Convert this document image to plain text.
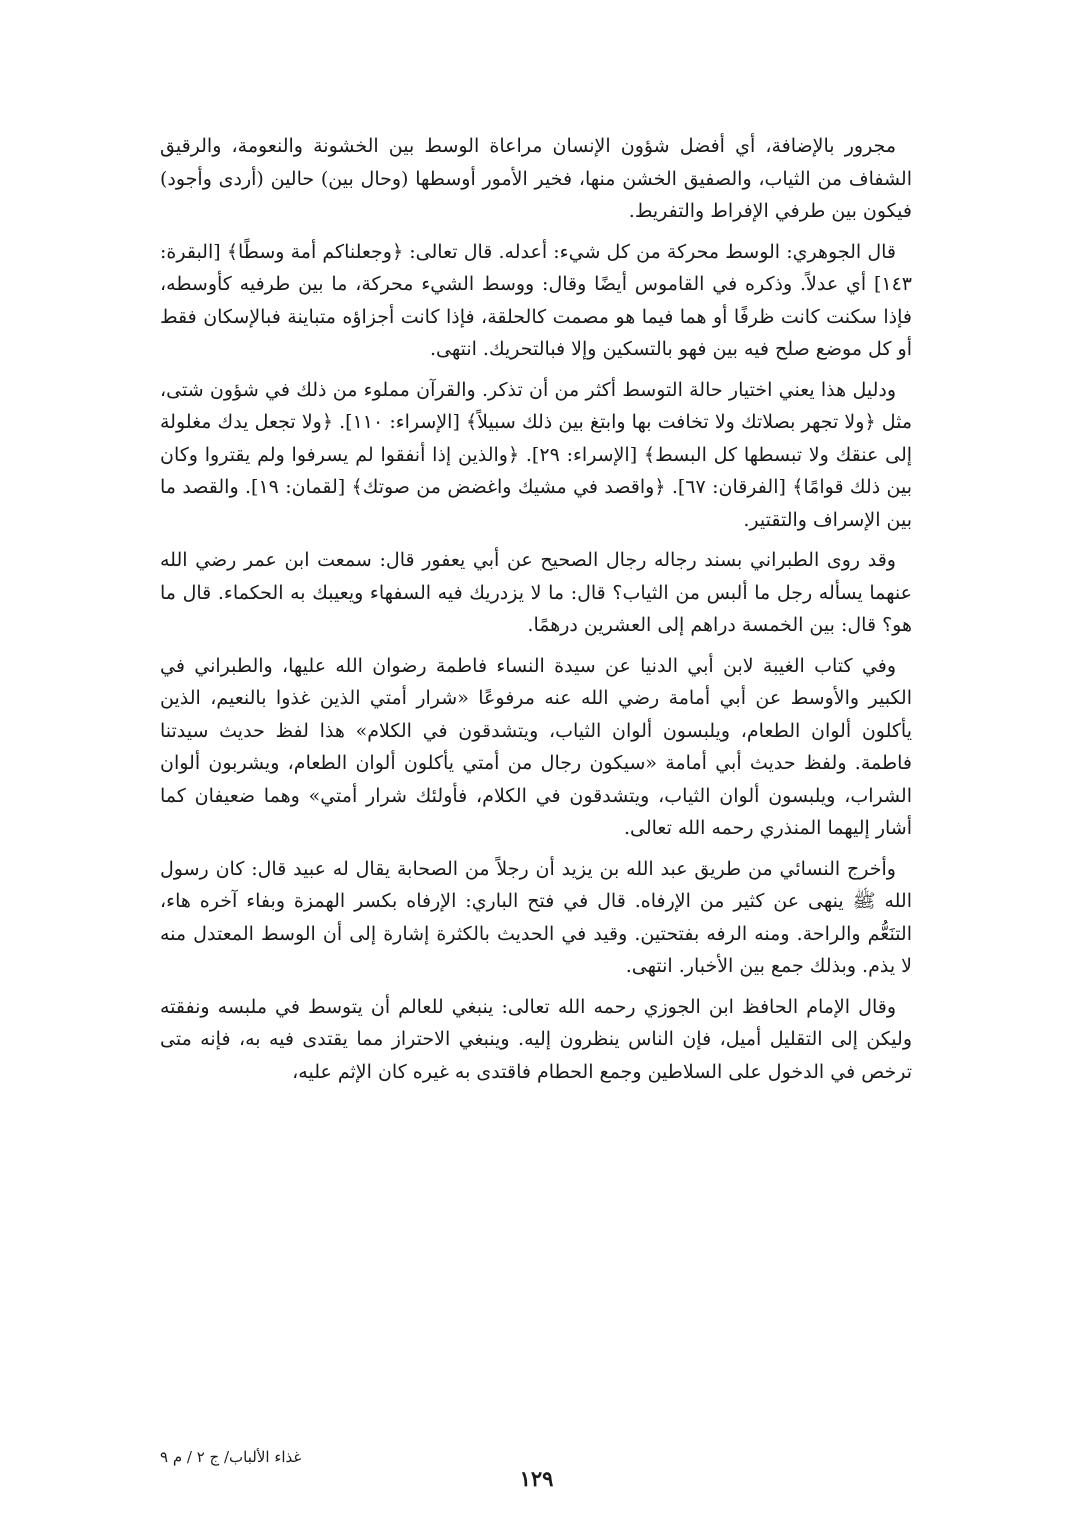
مجرور بالإضافة، أي أفضل شؤون الإنسان مراعاة الوسط بين الخشونة والنعومة، والرقيق الشفاف من الثياب، والصفيق الخشن منها، فخير الأمور أوسطها (وحال بين) حالين (أردى وأجود) فيكون بين طرفي الإفراط والتفريط.

قال الجوهري: الوسط محركة من كل شيء: أعدله. قال تعالى: ﴿وجعلناكم أمة وسطًا﴾ [البقرة: ١٤٣] أي عدلاً. وذكره في القاموس أيضًا وقال: ووسط الشيء محركة، ما بين طرفيه كأوسطه، فإذا سكنت كانت ظرفًا أو هما فيما هو مصمت كالحلقة، فإذا كانت أجزاؤه متباينة فبالإسكان فقط أو كل موضع صلح فيه بين فهو بالتسكين وإلا فبالتحريك. انتهى.

ودليل هذا يعني اختيار حالة التوسط أكثر من أن تذكر. والقرآن مملوء من ذلك في شؤون شتى، مثل ﴿ولا تجهر بصلاتك ولا تخافت بها وابتغ بين ذلك سبيلاً﴾ [الإسراء: ١١٠]. ﴿ولا تجعل يدك مغلولة إلى عنقك ولا تبسطها كل البسط﴾ [الإسراء: ٢٩]. ﴿والذين إذا أنفقوا لم يسرفوا ولم يقتروا وكان بين ذلك قوامًا﴾ [الفرقان: ٦٧]. ﴿واقصد في مشيك واغضض من صوتك﴾ [لقمان: ١٩]. والقصد ما بين الإسراف والتقتير.

وقد روى الطبراني بسند رجاله رجال الصحيح عن أبي يعفور قال: سمعت ابن عمر رضي الله عنهما يسأله رجل ما ألبس من الثياب؟ قال: ما لا يزدريك فيه السفهاء ويعيبك به الحكماء. قال ما هو؟ قال: بين الخمسة دراهم إلى العشرين درهمًا.

وفي كتاب الغيبة لابن أبي الدنيا عن سيدة النساء فاطمة رضوان الله عليها، والطبراني في الكبير والأوسط عن أبي أمامة رضي الله عنه مرفوعًا «شرار أمتي الذين غذوا بالنعيم، الذين يأكلون ألوان الطعام، ويلبسون ألوان الثياب، ويتشدقون في الكلام» هذا لفظ حديث سيدتنا فاطمة. ولفظ حديث أبي أمامة «سيكون رجال من أمتي يأكلون ألوان الطعام، ويشربون ألوان الشراب، ويلبسون ألوان الثياب، ويتشدقون في الكلام، فأولئك شرار أمتي» وهما ضعيفان كما أشار إليهما المنذري رحمه الله تعالى.

وأخرج النسائي من طريق عبد الله بن يزيد أن رجلاً من الصحابة يقال له عبيد قال: كان رسول الله ﷺ ينهى عن كثير من الإرفاه. قال في فتح الباري: الإرفاه بكسر الهمزة وبفاء آخره هاء، التنَعُّم والراحة. ومنه الرفه بفتحتين. وقيد في الحديث بالكثرة إشارة إلى أن الوسط المعتدل منه لا يذم. وبذلك جمع بين الأخبار. انتهى.

وقال الإمام الحافظ ابن الجوزي رحمه الله تعالى: ينبغي للعالم أن يتوسط في ملبسه ونفقته وليكن إلى التقليل أميل، فإن الناس ينظرون إليه. وينبغي الاحتراز مما يقتدى فيه به، فإنه متى ترخص في الدخول على السلاطين وجمع الحطام فاقتدى به غيره كان الإثم عليه،

غذاء الألباب/ ج ٢ / م ٩
١٢٩
